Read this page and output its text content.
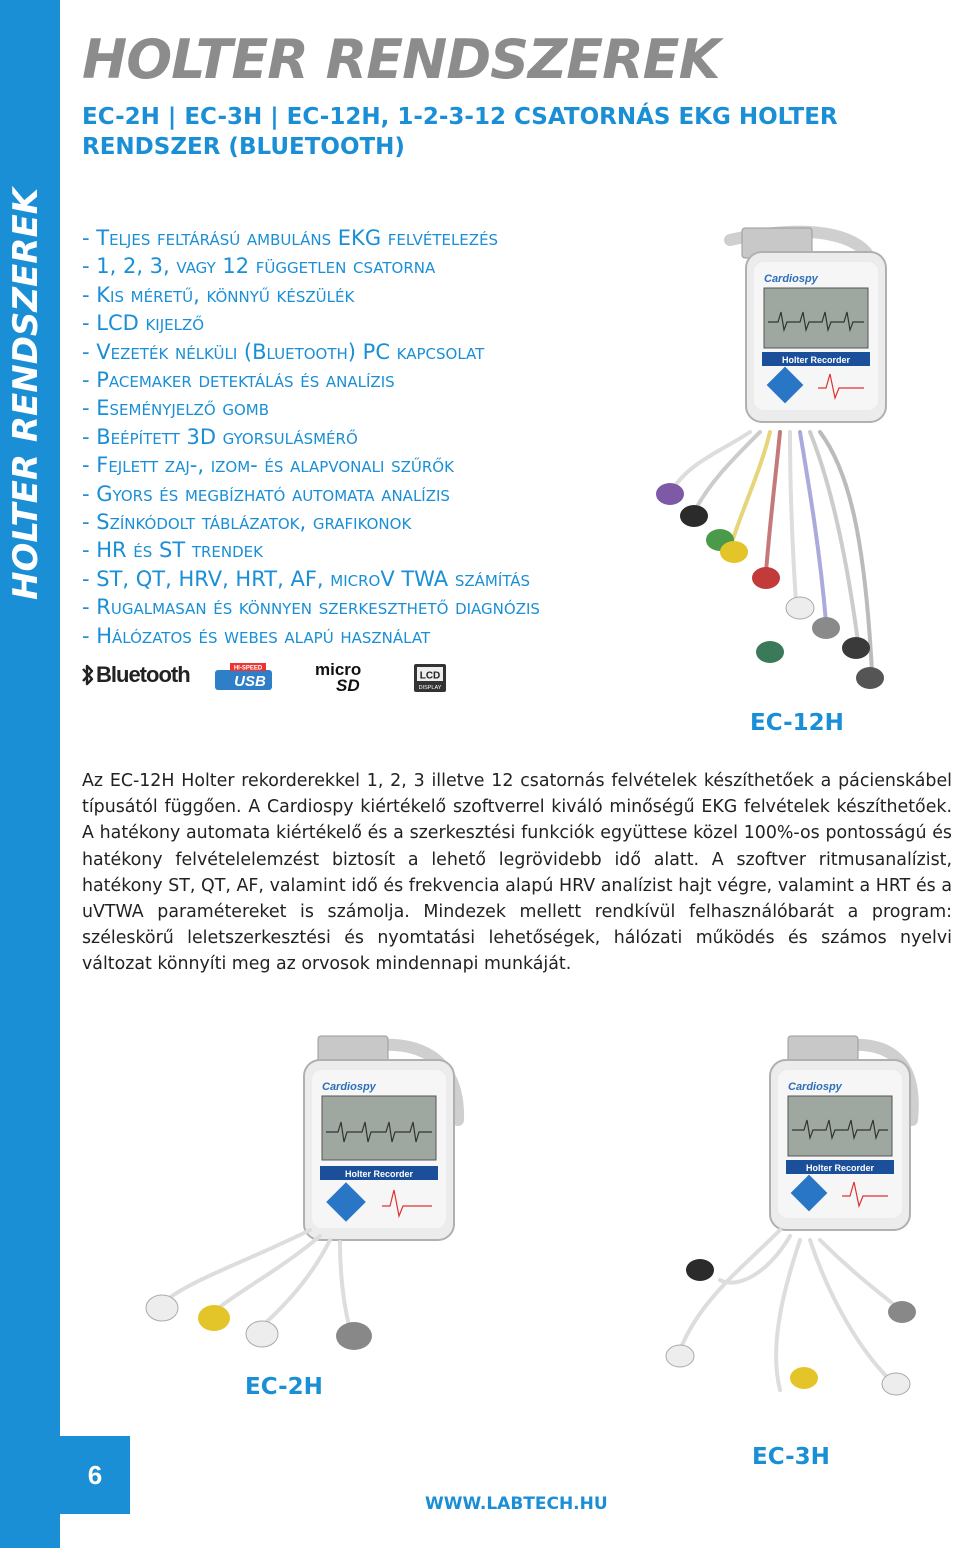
HOLTER RENDSZEREK
6
HOLTER RENDSZEREK
EC-2H | EC-3H | EC-12H, 1-2-3-12 CSATORNÁS EKG HOLTER RENDSZER (BLUETOOTH)
- Teljes feltárású ambuláns EKG felvételezés
- 1, 2, 3, vagy 12 független csatorna
- Kis méretű, könnyű készülék
- LCD kijelző
- Vezeték nélküli (Bluetooth) PC kapcsolat
- Pacemaker detektálás és analízis
- Eseményjelző gomb
- Beépített 3D gyorsulásmérő
- Fejlett zaj-, izom- és alapvonali szűrők
- Gyors és megbízható automata analízis
- Színkódolt táblázatok, grafikonok
- HR és ST trendek
- ST, QT, HRV, HRT, AF, microV TWA számítás
- Rugalmasan és könnyen szerkeszthető diagnózis
- Hálózatos és webes alapú használat
Bluetooth	HI-SPEED
USB
micro
SD	LCD
DISPLAY
Cardiospy
Holter Recorder
EC-12H
Az EC-12H Holter rekorderekkel 1, 2, 3 illetve 12 csatornás felvételek készíthetőek a pácienskábel típusától függően. A Cardiospy kiértékelő szoftverrel kiváló minőségű EKG felvételek készíthetőek. A hatékony automata kiértékelő és a szerkesztési funkciók együttese közel 100%-os pontosságú és hatékony felvételelemzést biztosít a lehető legrövidebb idő alatt. A szoftver ritmusanalízist, hatékony ST, QT, AF, valamint idő és frekvencia alapú HRV analízist hajt végre, valamint a HRT és a uVTWA paramétereket is számolja. Mindezek mellett rendkívül felhasználóbarát a program: széleskörű leletszerkesztési és nyomtatási lehetőségek, hálózati működés és számos nyelvi változat könnyíti meg az orvosok mindennapi munkáját.
Cardiospy
Holter Recorder
EC-2H
Cardiospy
Holter Recorder
EC-3H
WWW.LABTECH.HU
